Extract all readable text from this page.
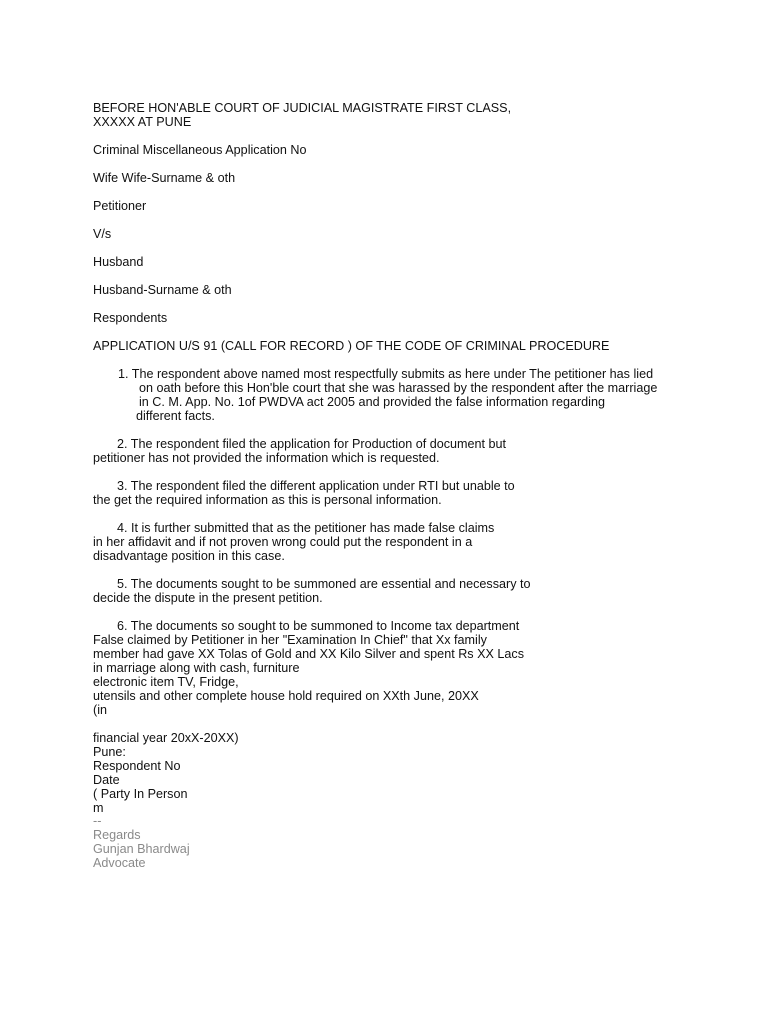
BEFORE HON'ABLE COURT OF JUDICIAL MAGISTRATE FIRST CLASS,
XXXXX AT PUNE
Criminal Miscellaneous Application No
Wife Wife-Surname & oth
Petitioner
V/s
Husband
Husband-Surname & oth
Respondents
APPLICATION U/S 91 (CALL FOR RECORD ) OF THE CODE OF CRIMINAL PROCEDURE
1. The respondent above named most respectfully submits as here under The petitioner has lied
on oath before this Hon'ble court that she was harassed by the respondent after the marriage
in C. M. App. No. 1of PWDVA act 2005 and provided the false information regarding
different facts.
2. The respondent filed the application for Production of document but
petitioner has not provided the information which is requested.
3. The respondent filed the different application under RTI but unable to
the get the required information as this is personal information.
4. It is further submitted that as the petitioner has made false claims
in her affidavit and if not proven wrong could put the respondent in a
disadvantage position in this case.
5. The documents sought to be summoned are essential and necessary to
decide the dispute in the present petition.
6. The documents so sought to be summoned to Income tax department
False claimed by Petitioner in her "Examination In Chief" that Xx family
member had gave XX Tolas of Gold and XX Kilo Silver and spent Rs XX Lacs
in marriage along with cash, furniture
electronic item TV, Fridge,
utensils and other complete house hold required on XXth June, 20XX
(in
financial year 20xX-20XX)
Pune:
Respondent No
Date
( Party In Person
m
--
Regards
Gunjan Bhardwaj
Advocate
